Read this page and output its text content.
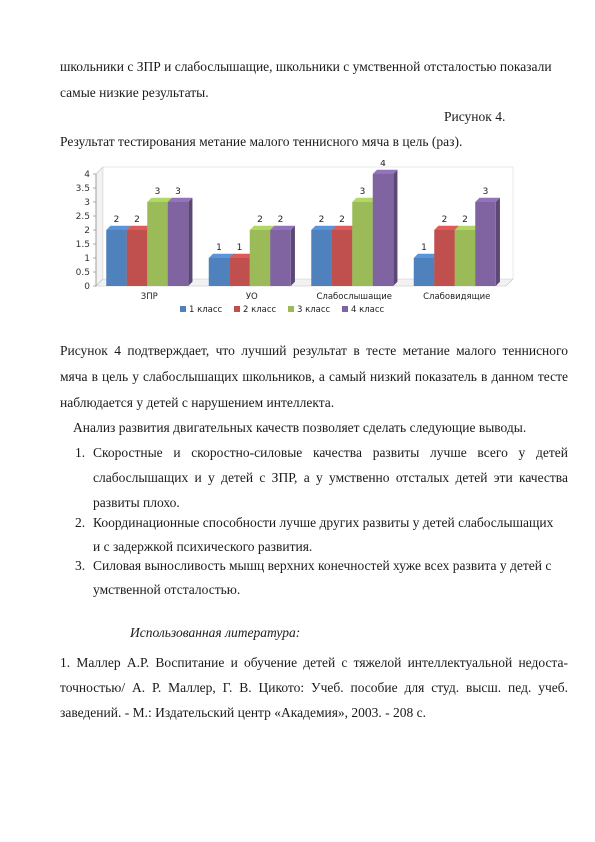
школьники с ЗПР и слабослышащие, школьники с умственной отсталостью показали
самые низкие результаты.
Рисунок 4.
Результат тестирования метание малого теннисного мяча в цель (раз).
0
0.5
1
1.5
2
2.5
3
3.5
4
ЗПР	УО	Слабослышащие	Слабовидящие
2 2
3 3
1 1
2 2	2 2
3
4
1
2 2
3
1 класс 2 класс 3 класс 4 класс
Рисунок 4 подтверждает, что лучший результат в тесте метание малого теннисного
мяча в цель у слабослышащих школьников, а самый низкий показатель в данном тесте
наблюдается у детей с нарушением интеллекта.
Анализ развития двигательных качеств позволяет сделать следующие выводы.
1. Скоростные и скоростно-силовые качества развиты лучше всего у детей
слабослышащих и у детей с ЗПР, а у умственно отсталых детей эти качества
развиты плохо.
2. Координационные способности лучше других развиты у детей слабослышащих
и с задержкой психического развития.
3. Силовая выносливость мышц верхних конечностей хуже всех развита у детей с
умственной отсталостью.
Использованная литература:
1. Маллер А.Р. Воспитание и обучение детей с тяжелой интеллектуальной недоста-
точностью/ А. Р. Маллер, Г. В. Цикото: Учеб. пособие для студ. высш. пед. учеб.
заведений. - М.: Издательский центр «Академия», 2003. - 208 с.
